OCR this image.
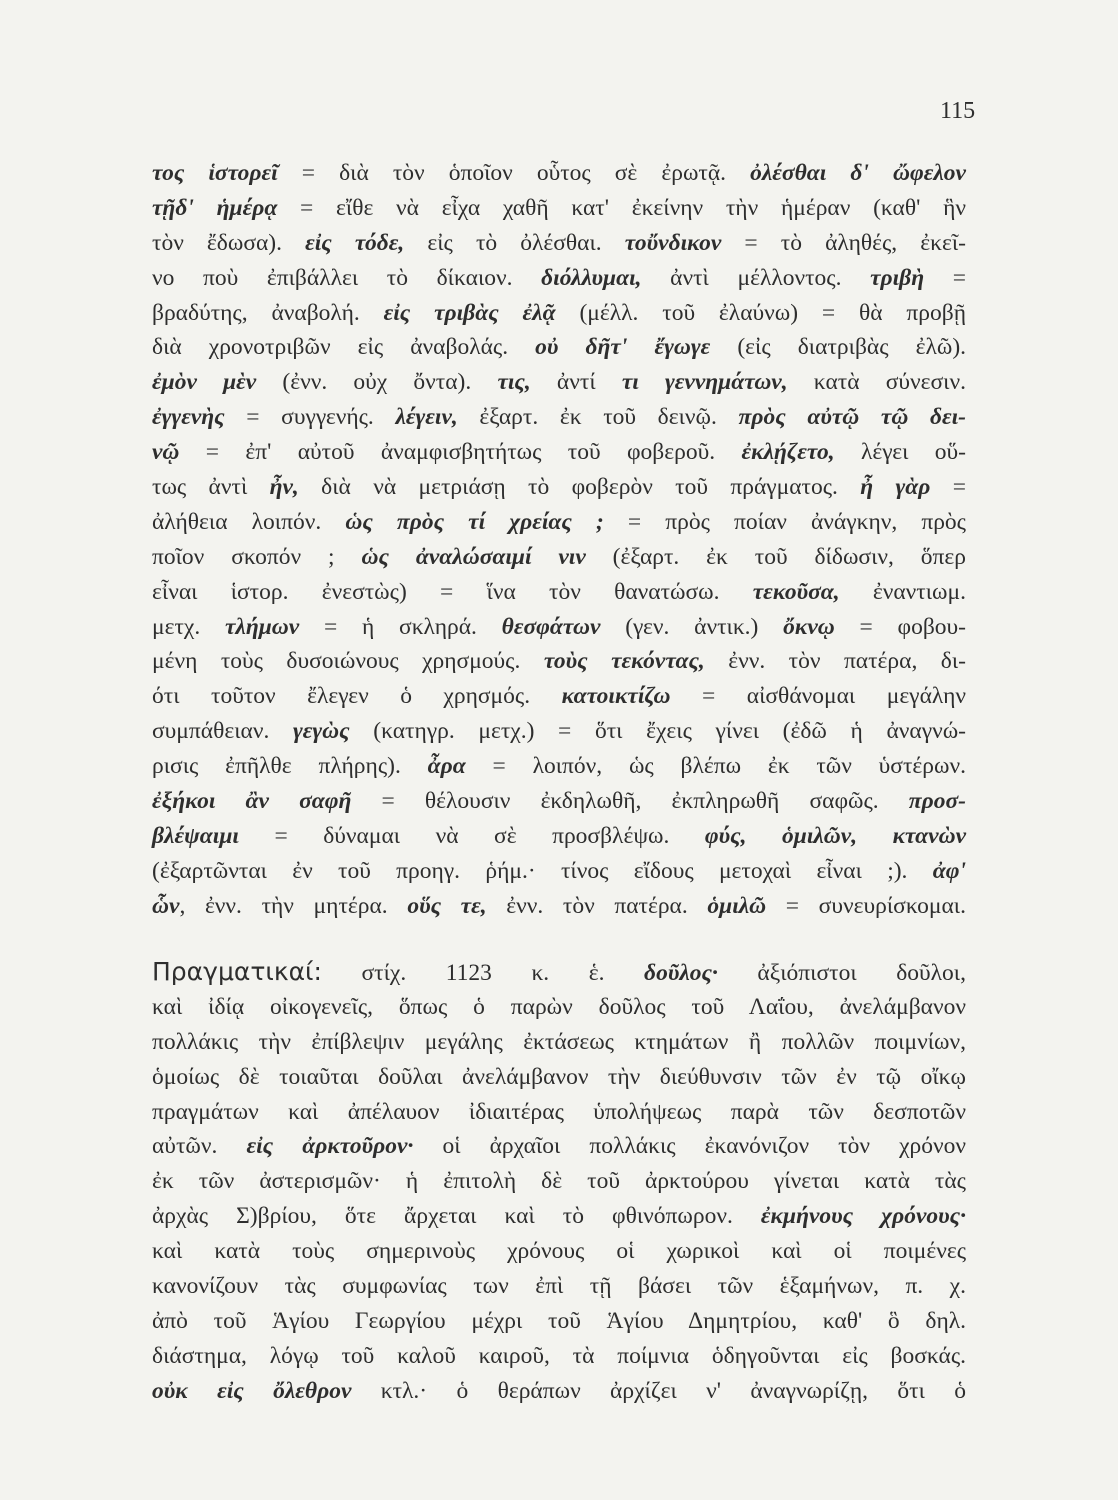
115
τος ἱστορεῖ = διὰ τὸν ὁποῖον οὗτος σὲ ἐρωτᾷ. ὀλέσθαι δ' ὤφελον
τῇδ' ἡμέρᾳ = εἴθε νὰ εἶχα χαθῆ κατ' ἐκείνην τὴν ἡμέραν (καθ' ἣν
τὸν ἔδωσα). εἰς τόδε, εἰς τὸ ὀλέσθαι. τοὔνδικον = τὸ ἀληθές, ἐκεῖ-
νο ποὺ ἐπιβάλλει τὸ δίκαιον. διόλλυμαι, ἀντὶ μέλλοντος. τριβὴ =
βραδύτης, ἀναβολή. εἰς τριβὰς ἐλᾷ (μέλλ. τοῦ ἐλαύνω) = θὰ προβῇ
διὰ χρονοτριβῶν εἰς ἀναβολάς. οὐ δῆτ' ἔγωγε (εἰς διατριβὰς ἐλῶ).
ἐμὸν μὲν (ἐνν. οὐχ ὄντα). τις, ἀντί τι γεννημάτων, κατὰ σύνεσιν.
ἐγγενὴς = συγγενής. λέγειν, ἐξαρτ. ἐκ τοῦ δεινῷ. πρὸς αὐτῷ τῷ δει-
νῷ = ἐπ' αὐτοῦ ἀναμφισβητήτως τοῦ φοβεροῦ. ἐκλῄζετο, λέγει οὕ-
τως ἀντὶ ἦν, διὰ νὰ μετριάσῃ τὸ φοβερὸν τοῦ πράγματος. ἦ γὰρ =
ἀλήθεια λοιπόν. ὡς πρὸς τί χρείας ; = πρὸς ποίαν ἀνάγκην, πρὸς
ποῖον σκοπόν ; ὡς ἀναλώσαιμί νιν (ἐξαρτ. ἐκ τοῦ δίδωσιν, ὅπερ
εἶναι ἱστορ. ἐνεστὼς) = ἵνα τὸν θανατώσω. τεκοῦσα, ἐναντιωμ.
μετχ. τλήμων = ἡ σκληρά. θεσφάτων (γεν. ἀντικ.) ὄκνῳ = φοβου-
μένη τοὺς δυσοιώνους χρησμούς. τοὺς τεκόντας, ἐνν. τὸν πατέρα, δι-
ότι τοῦτον ἔλεγεν ὁ χρησμός. κατοικτίζω = αἰσθάνομαι μεγάλην
συμπάθειαν. γεγὼς (κατηγρ. μετχ.) = ὅτι ἔχεις γίνει (ἐδῶ ἡ ἀναγνώ-
ρισις ἐπῆλθε πλήρης). ἆρα = λοιπόν, ὡς βλέπω ἐκ τῶν ὑστέρων.
ἐξήκοι ἂν σαφῆ = θέλουσιν ἐκδηλωθῆ, ἐκπληρωθῆ σαφῶς. προσ-
βλέψαιμι = δύναμαι νὰ σὲ προσβλέψω. φύς, ὁμιλῶν, κτανὼν
(ἐξαρτῶνται ἐν τοῦ προηγ. ῥήμ.· τίνος εἴδους μετοχαὶ εἶναι ;). ἀφ'
ὧν, ἐνν. τὴν μητέρα. οὕς τε, ἐνν. τὸν πατέρα. ὁμιλῶ = συνευρίσκομαι.
Πραγματικαί: στίχ. 1123 κ. ἑ. δοῦλος· ἀξιόπιστοι δοῦλοι,
καὶ ἰδίᾳ οἰκογενεῖς, ὅπως ὁ παρὼν δοῦλος τοῦ Λαΐου, ἀνελάμβανον
πολλάκις τὴν ἐπίβλεψιν μεγάλης ἐκτάσεως κτημάτων ἢ πολλῶν ποιμνίων,
ὁμοίως δὲ τοιαῦται δοῦλαι ἀνελάμβανον τὴν διεύθυνσιν τῶν ἐν τῷ οἴκῳ
πραγμάτων καὶ ἀπέλαυον ἰδιαιτέρας ὑπολήψεως παρὰ τῶν δεσποτῶν
αὐτῶν. εἰς ἀρκτοῦρον· οἱ ἀρχαῖοι πολλάκις ἐκανόνιζον τὸν χρόνον
ἐκ τῶν ἀστερισμῶν· ἡ ἐπιτολὴ δὲ τοῦ ἀρκτούρου γίνεται κατὰ τὰς
ἀρχὰς Σ)βρίου, ὅτε ἄρχεται καὶ τὸ φθινόπωρον. ἐκμήνους χρόνους·
καὶ κατὰ τοὺς σημερινοὺς χρόνους οἱ χωρικοὶ καὶ οἱ ποιμένες
κανονίζουν τὰς συμφωνίας των ἐπὶ τῇ βάσει τῶν ἑξαμήνων, π. χ.
ἀπὸ τοῦ Ἁγίου Γεωργίου μέχρι τοῦ Ἁγίου Δημητρίου, καθ' ὃ δηλ.
διάστημα, λόγῳ τοῦ καλοῦ καιροῦ, τὰ ποίμνια ὁδηγοῦνται εἰς βοσκάς.
οὐκ εἰς ὄλεθρον κτλ.· ὁ θεράπων ἀρχίζει ν' ἀναγνωρίζῃ, ὅτι ὁ
